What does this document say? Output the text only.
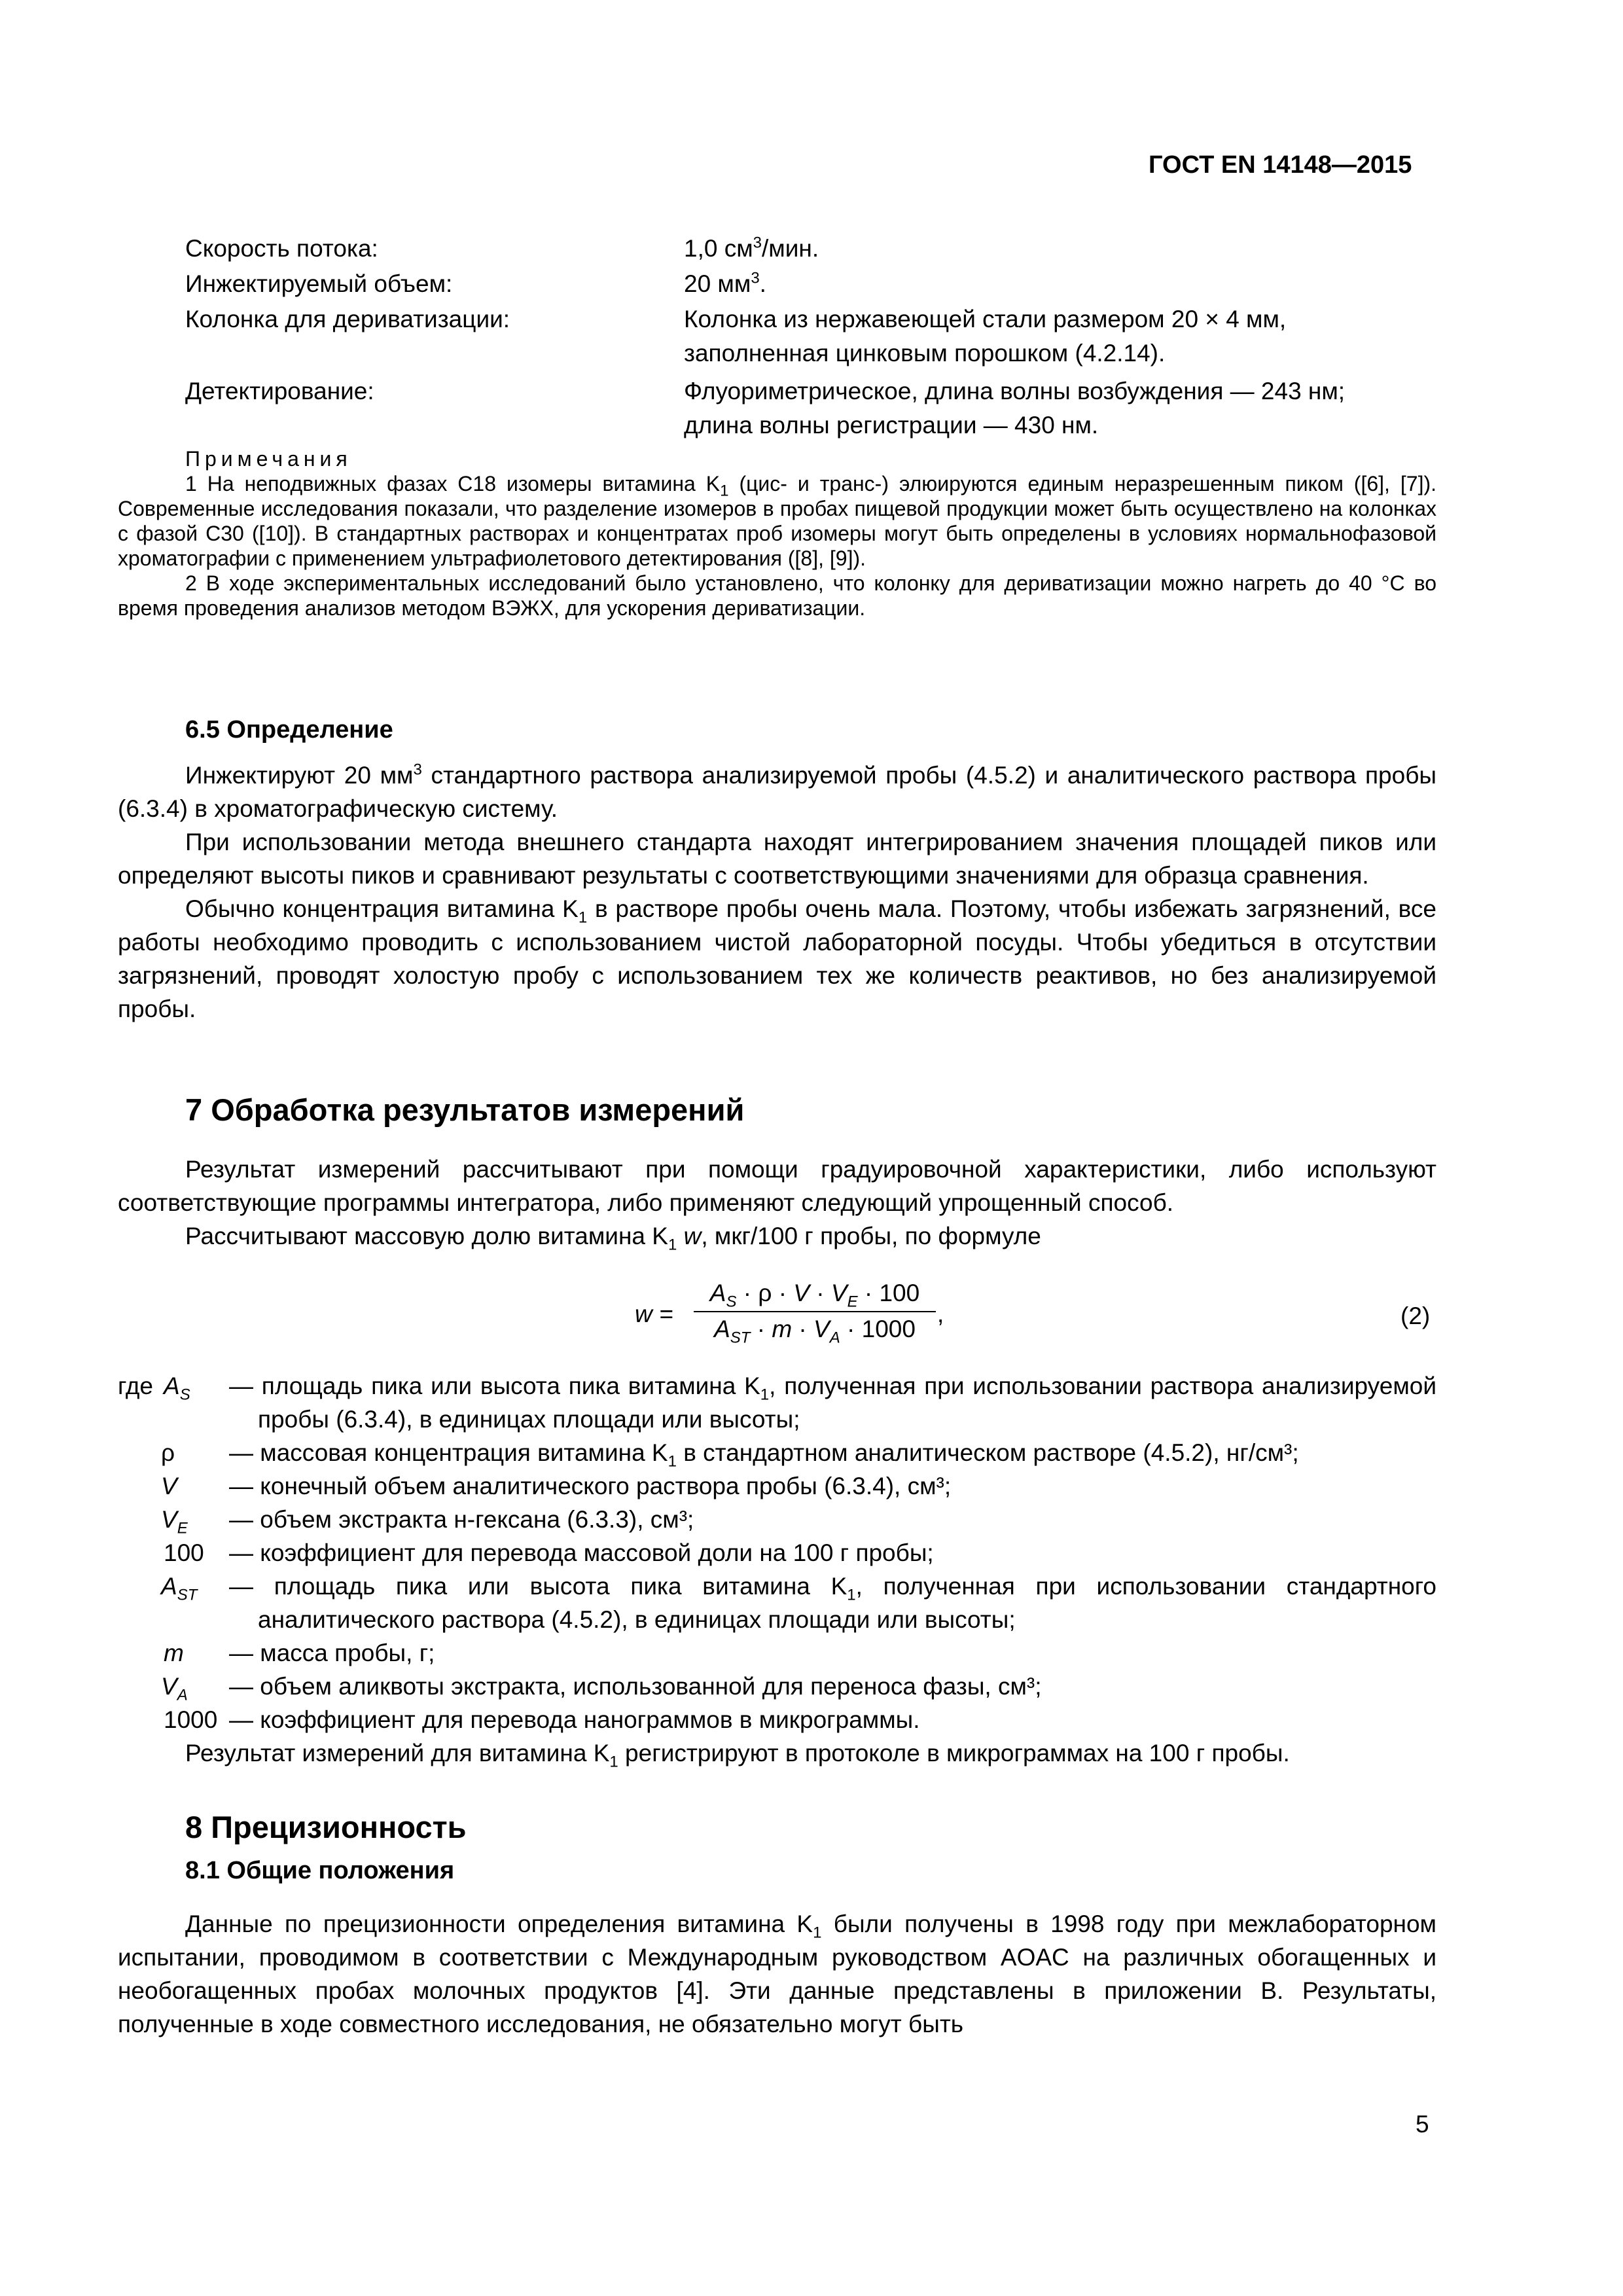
ГОСТ EN 14148—2015
Скорость потока:	1,0 $см^3$/мин.
Инжектируемый объем:	20 $мм^3$.
Колонка для дериватизации:	Колонка из нержавеющей стали размером 20 × 4 мм,
заполненная цинковым порошком (4.2.14).
Детектирование:	Флуориметрическое, длина волны возбуждения — 243 нм;
длина волны регистрации — 430 нм.
Примечания

1 На неподвижных фазах C18 изомеры витамина $K_1$ (цис- и транс-) элюируются единым неразрешенным пиком ([6], [7]). Современные исследования показали, что разделение изомеров в пробах пищевой продукции может быть осуществлено на колонках с фазой C30 ([10]). В стандартных растворах и концентратах проб изомеры могут быть определены в условиях нормальнофазовой хроматографии с применением ультрафиолетового детектирования ([8], [9]).

2 В ходе экспериментальных исследований было установлено, что колонку для дериватизации можно нагреть до 40 °C во время проведения анализов методом ВЭЖХ, для ускорения дериватизации.

6.5 Определение

Инжектируют 20 $мм^3$ стандартного раствора анализируемой пробы (4.5.2) и аналитического раствора пробы (6.3.4) в хроматографическую систему.

При использовании метода внешнего стандарта находят интегрированием значения площадей пиков или определяют высоты пиков и сравнивают результаты с соответствующими значениями для образца сравнения.

Обычно концентрация витамина $K_1$ в растворе пробы очень мала. Поэтому, чтобы избежать загрязнений, все работы необходимо проводить с использованием чистой лабораторной посуды. Чтобы убедиться в отсутствии загрязнений, проводят холостую пробу с использованием тех же количеств реактивов, но без анализируемой пробы.

7 Обработка результатов измерений

Результат измерений рассчитывают при помощи градуировочной характеристики, либо используют соответствующие программы интегратора, либо применяют следующий упрощенный способ.

Рассчитывают массовую долю витамина $K_1$ w, мкг/100 г пробы, по формуле

w =
$A_S \cdot \rho \cdot V \cdot V_E \cdot 100$
$A_{ST} \cdot m \cdot V_A \cdot 1000$
,	(2)
где $A_S$	— площадь пика или высота пика витамина $K_1$, полученная при использовании раствора анализируемой пробы (6.3.4), в единицах площади или высоты;
ρ	— массовая концентрация витамина $K_1$ в стандартном аналитическом растворе (4.5.2), нг/см³;
V	— конечный объем аналитического раствора пробы (6.3.4), см³;
$V_E$	— объем экстракта н-гексана (6.3.3), см³;
100	— коэффициент для перевода массовой доли на 100 г пробы;
$A_{ST}$	— площадь пика или высота пика витамина $K_1$, полученная при использовании стандартного аналитического раствора (4.5.2), в единицах площади или высоты;
m	— масса пробы, г;
$V_A$	— объем аликвоты экстракта, использованной для переноса фазы, см³;
1000 — коэффициент для перевода нанограммов в микрограммы.

Результат измерений для витамина $K_1$ регистрируют в протоколе в микрограммах на 100 г пробы.

8 Прецизионность
8.1 Общие положения

Данные по прецизионности определения витамина $K_1$ были получены в 1998 году при межлабораторном испытании, проводимом в соответствии с Международным руководством AOAC на различных обогащенных и необогащенных пробах молочных продуктов [4]. Эти данные представлены в приложении B. Результаты, полученные в ходе совместного исследования, не обязательно могут быть

5
